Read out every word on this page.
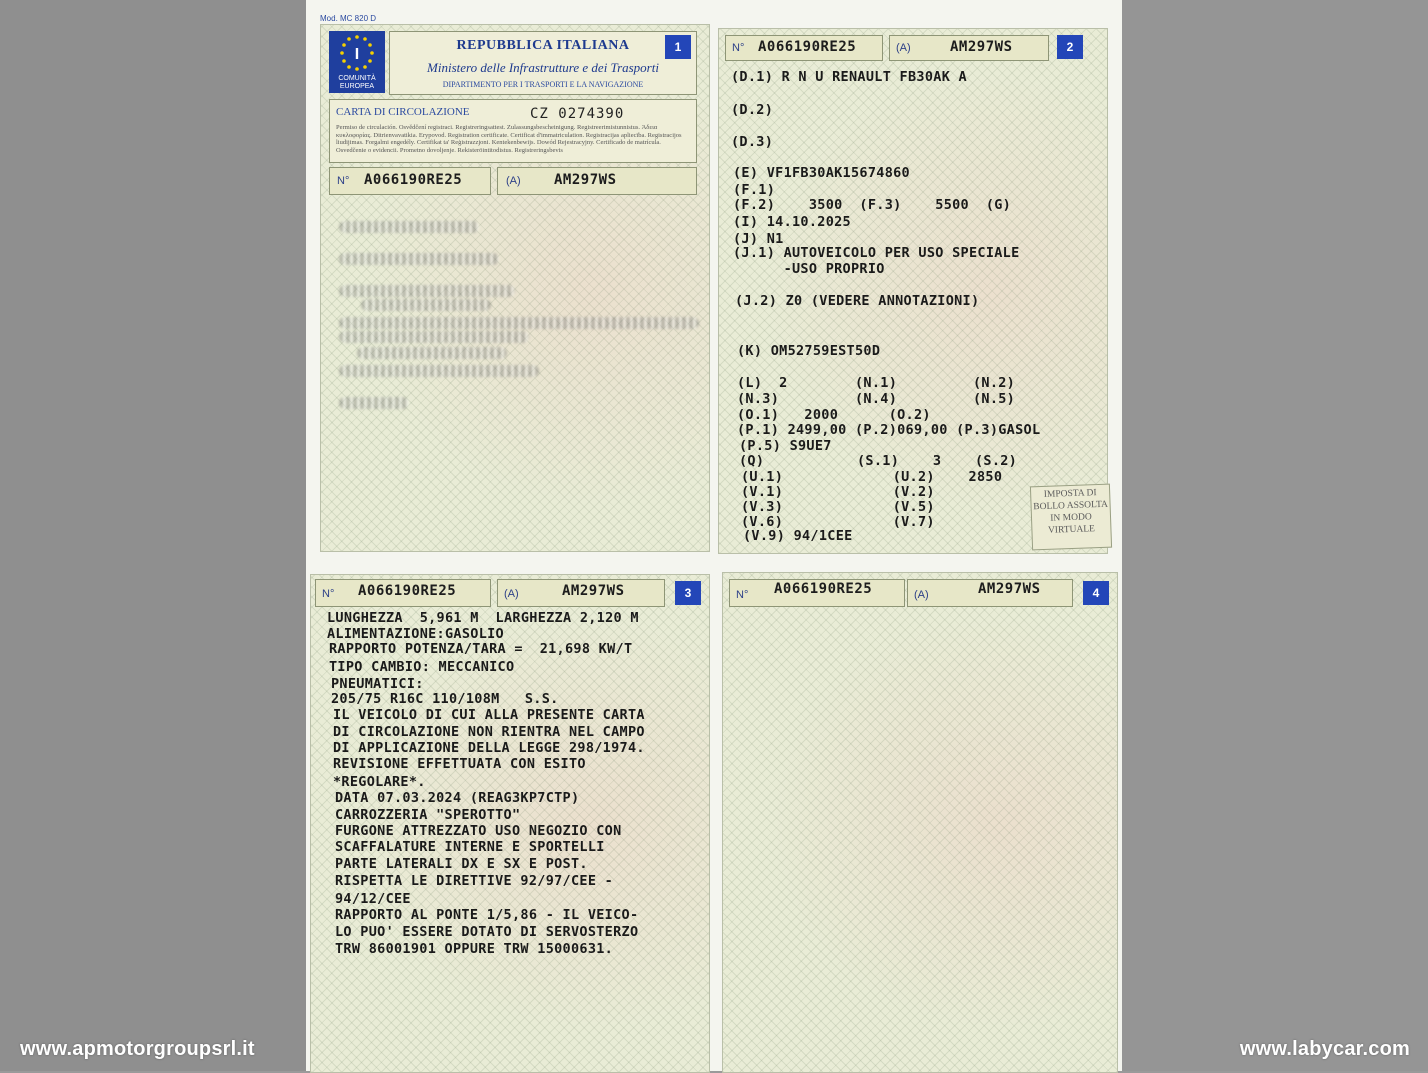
Mod. MC 820 D
I
COMUNITÀ EUROPEA
REPUBBLICA ITALIANA
Ministero delle Infrastrutture e dei Trasporti
DIPARTIMENTO PER I TRASPORTI E LA NAVIGAZIONE
1
CARTA DI CIRCOLAZIONE	CZ 0274390
Permiso de circulación. Osvědčení registraci. Registreringsattest. Zulassungsbescheinigung. Registreerimistunnistus. Άδεια κυκλοφορίας. Ditrienvavatikia. Erypovod. Registration certificate. Certificat d'immatriculation. Registracijas apliecība. Registracijos liudijimas. Forgalmi engedély. Certifikat ta' Reģistrazzjoni. Kentekenbewijs. Dowód Rejestracyjny. Certificado de matrícula. Osvedčenie o evidencii. Prometno dovoljenje. Rekisteröintitodistus. Registreringsbevis
N° A066190RE25	(A) AM297WS
N° A066190RE25	(A)	AM297WS	2
(D.1) R N U RENAULT FB30AK A
(D.2)
(D.3)
(E) VF1FB30AK15674860
(F.1)
(F.2)    3500  (F.3)    5500  (G)
(I) 14.10.2025
(J) N1
(J.1) AUTOVEICOLO PER USO SPECIALE
-USO PROPRIO
(J.2) Z0 (VEDERE ANNOTAZIONI)
(K) OM52759EST50D
(L)  2        (N.1)         (N.2)
(N.3)         (N.4)         (N.5)
(O.1)   2000      (O.2)
(P.1) 2499,00 (P.2)069,00 (P.3)GASOL
(P.5) S9UE7
(Q)           (S.1)    3    (S.2)
(U.1)             (U.2)    2850
(V.1)             (V.2)
(V.3)             (V.5)
(V.6)             (V.7)
(V.9) 94/1CEE
IMPOSTA DI BOLLO ASSOLTA IN MODO VIRTUALE
N° A066190RE25	(A)	AM297WS	3
LUNGHEZZA  5,961 M  LARGHEZZA 2,120 M
ALIMENTAZIONE:GASOLIO
RAPPORTO POTENZA/TARA =  21,698 KW/T
TIPO CAMBIO: MECCANICO
PNEUMATICI:
205/75 R16C 110/108M   S.S.
IL VEICOLO DI CUI ALLA PRESENTE CARTA
DI CIRCOLAZIONE NON RIENTRA NEL CAMPO
DI APPLICAZIONE DELLA LEGGE 298/1974.
REVISIONE EFFETTUATA CON ESITO
*REGOLARE*.
DATA 07.03.2024 (REAG3KP7CTP)
CARROZZERIA "SPEROTTO"
FURGONE ATTREZZATO USO NEGOZIO CON
SCAFFALATURE INTERNE E SPORTELLI
PARTE LATERALI DX E SX E POST.
RISPETTA LE DIRETTIVE 92/97/CEE -
94/12/CEE
RAPPORTO AL PONTE 1/5,86 - IL VEICO-
LO PUO' ESSERE DOTATO DI SERVOSTERZO
TRW 86001901 OPPURE TRW 15000631.
N° A066190RE25	(A)	AM297WS	4
www.apmotorgroupsrl.it	www.labycar.com
